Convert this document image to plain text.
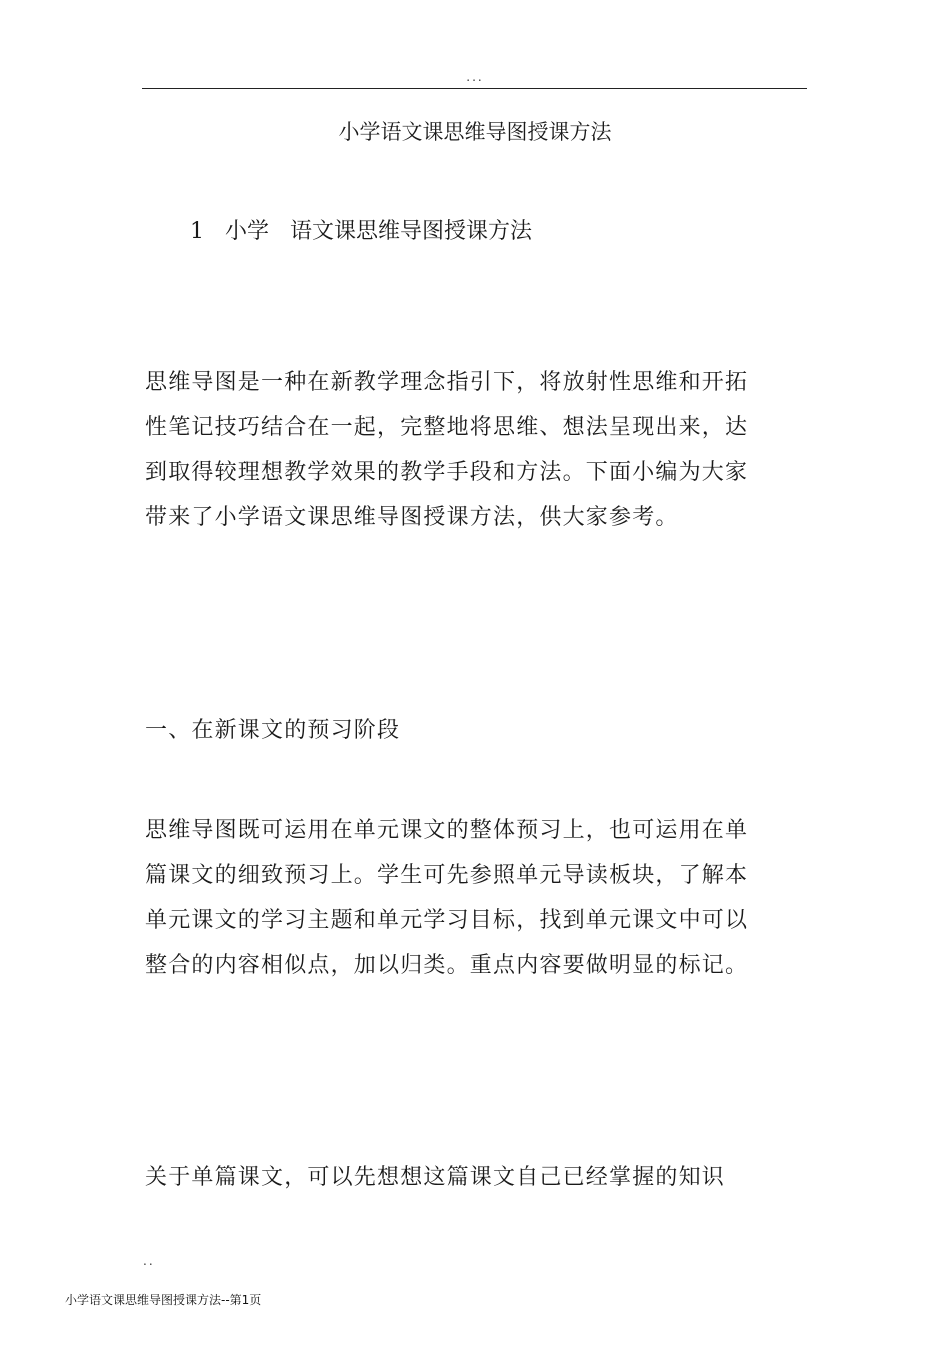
...
小学语文课思维导图授课方法
1   小学   语文课思维导图授课方法

思维导图是一种在新教学理念指引下，将放射性思维和开拓

性笔记技巧结合在一起，完整地将思维、想法呈现出来，达

到取得较理想教学效果的教学手段和方法。下面小编为大家

带来了小学语文课思维导图授课方法，供大家参考。

一、在新课文的预习阶段

思维导图既可运用在单元课文的整体预习上，也可运用在单

篇课文的细致预习上。学生可先参照单元导读板块，了解本

单元课文的学习主题和单元学习目标，找到单元课文中可以

整合的内容相似点，加以归类。重点内容要做明显的标记。

关于单篇课文，可以先想想这篇课文自己已经掌握的知识

..
小学语文课思维导图授课方法--第1页
